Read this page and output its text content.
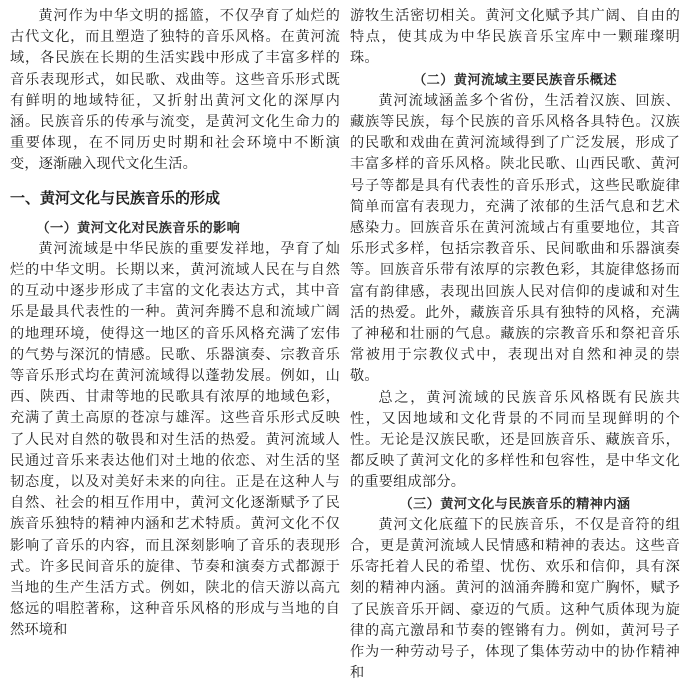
黄河作为中华文明的摇篮，不仅孕育了灿烂的古代文化，而且塑造了独特的音乐风格。在黄河流域，各民族在长期的生活实践中形成了丰富多样的音乐表现形式，如民歌、戏曲等。这些音乐形式既有鲜明的地域特征，又折射出黄河文化的深厚内涵。民族音乐的传承与流变，是黄河文化生命力的重要体现，在不同历史时期和社会环境中不断演变，逐渐融入现代文化生活。

一、黄河文化与民族音乐的形成
（一）黄河文化对民族音乐的影响

黄河流域是中华民族的重要发祥地，孕育了灿烂的中华文明。长期以来，黄河流域人民在与自然的互动中逐步形成了丰富的文化表达方式，其中音乐是最具代表性的一种。黄河奔腾不息和流域广阔的地理环境，使得这一地区的音乐风格充满了宏伟的气势与深沉的情感。民歌、乐器演奏、宗教音乐等音乐形式均在黄河流域得以蓬勃发展。例如，山西、陕西、甘肃等地的民歌具有浓厚的地域色彩，充满了黄土高原的苍凉与雄浑。这些音乐形式反映了人民对自然的敬畏和对生活的热爱。黄河流域人民通过音乐来表达他们对土地的依恋、对生活的坚韧态度，以及对美好未来的向往。正是在这种人与自然、社会的相互作用中，黄河文化逐渐赋予了民族音乐独特的精神内涵和艺术特质。黄河文化不仅影响了音乐的内容，而且深刻影响了音乐的表现形式。许多民间音乐的旋律、节奏和演奏方式都源于当地的生产生活方式。例如，陕北的信天游以高亢悠远的唱腔著称，这种音乐风格的形成与当地的自然环境和

游牧生活密切相关。黄河文化赋予其广阔、自由的特点，使其成为中华民族音乐宝库中一颗璀璨明珠。

（二）黄河流域主要民族音乐概述

黄河流域涵盖多个省份，生活着汉族、回族、藏族等民族，每个民族的音乐风格各具特色。汉族的民歌和戏曲在黄河流域得到了广泛发展，形成了丰富多样的音乐风格。陕北民歌、山西民歌、黄河号子等都是具有代表性的音乐形式，这些民歌旋律简单而富有表现力，充满了浓郁的生活气息和艺术感染力。回族音乐在黄河流域占有重要地位，其音乐形式多样，包括宗教音乐、民间歌曲和乐器演奏等。回族音乐带有浓厚的宗教色彩，其旋律悠扬而富有韵律感，表现出回族人民对信仰的虔诚和对生活的热爱。此外，藏族音乐具有独特的风格，充满了神秘和壮丽的气息。藏族的宗教音乐和祭祀音乐常被用于宗教仪式中，表现出对自然和神灵的崇敬。

总之，黄河流域的民族音乐风格既有民族共性，又因地域和文化背景的不同而呈现鲜明的个性。无论是汉族民歌，还是回族音乐、藏族音乐，都反映了黄河文化的多样性和包容性，是中华文化的重要组成部分。

（三）黄河文化与民族音乐的精神内涵

黄河文化底蕴下的民族音乐，不仅是音符的组合，更是黄河流域人民情感和精神的表达。这些音乐寄托着人民的希望、忧伤、欢乐和信仰，具有深刻的精神内涵。黄河的汹涌奔腾和宽广胸怀，赋予了民族音乐开阔、豪迈的气质。这种气质体现为旋律的高亢激昂和节奏的铿锵有力。例如，黄河号子作为一种劳动号子，体现了集体劳动中的协作精神和
